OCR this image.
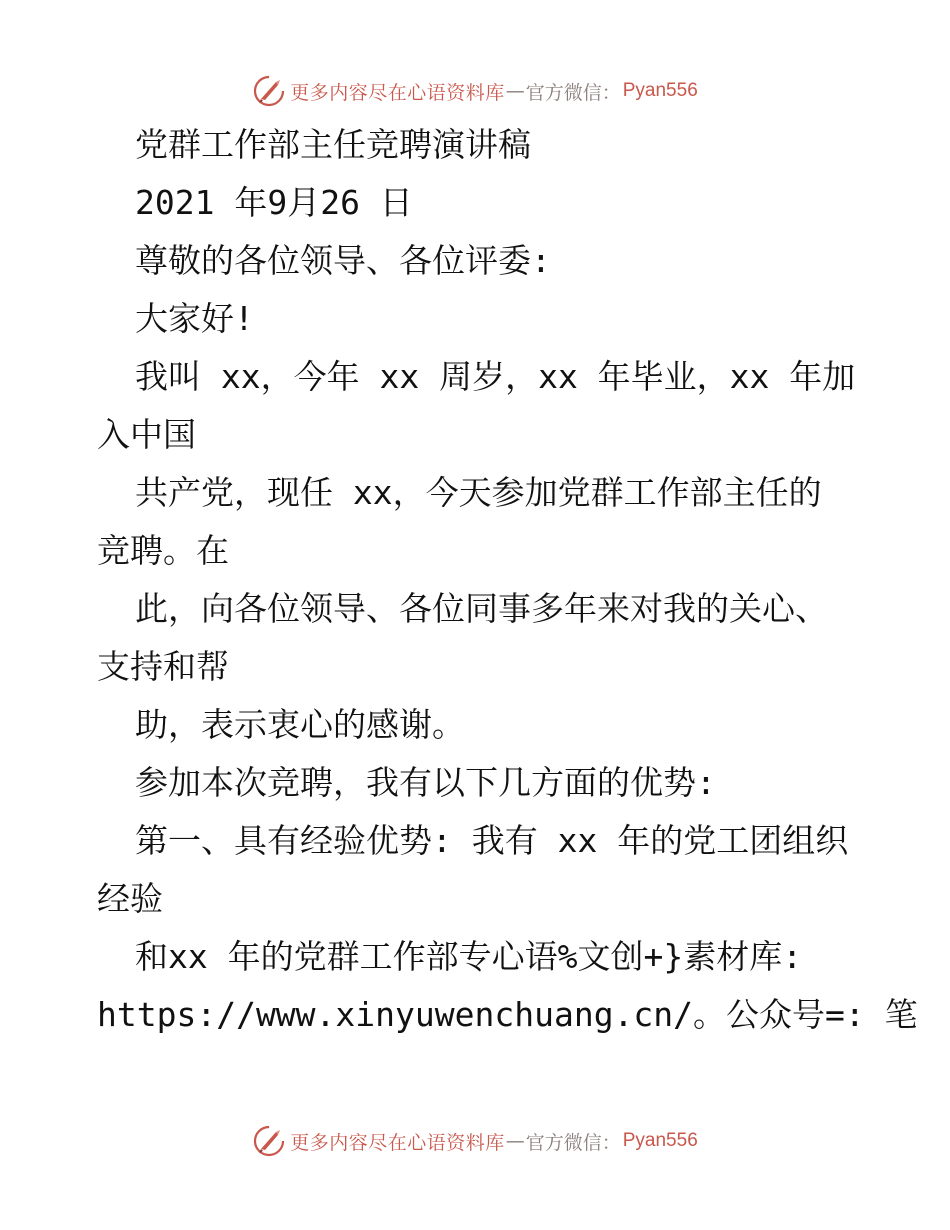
更多内容尽在心语资料库 — 官方微信： Pyan556
党群工作部主任竞聘演讲稿
2021 年9月26 日
尊敬的各位领导、各位评委:
大家好!
我叫 xx，今年 xx 周岁，xx 年毕业，xx 年加
入中国
共产党，现任 xx，今天参加党群工作部主任的
竞聘。在
此，向各位领导、各位同事多年来对我的关心、
支持和帮
助，表示衷心的感谢。
参加本次竞聘，我有以下几方面的优势:
第一、具有经验优势: 我有 xx 年的党工团组织
经验
和xx 年的党群工作部专心语%文创+}素材库:
https://www.xinyuwenchuang.cn/。公众号=: 笔
更多内容尽在心语资料库 — 官方微信： Pyan556
